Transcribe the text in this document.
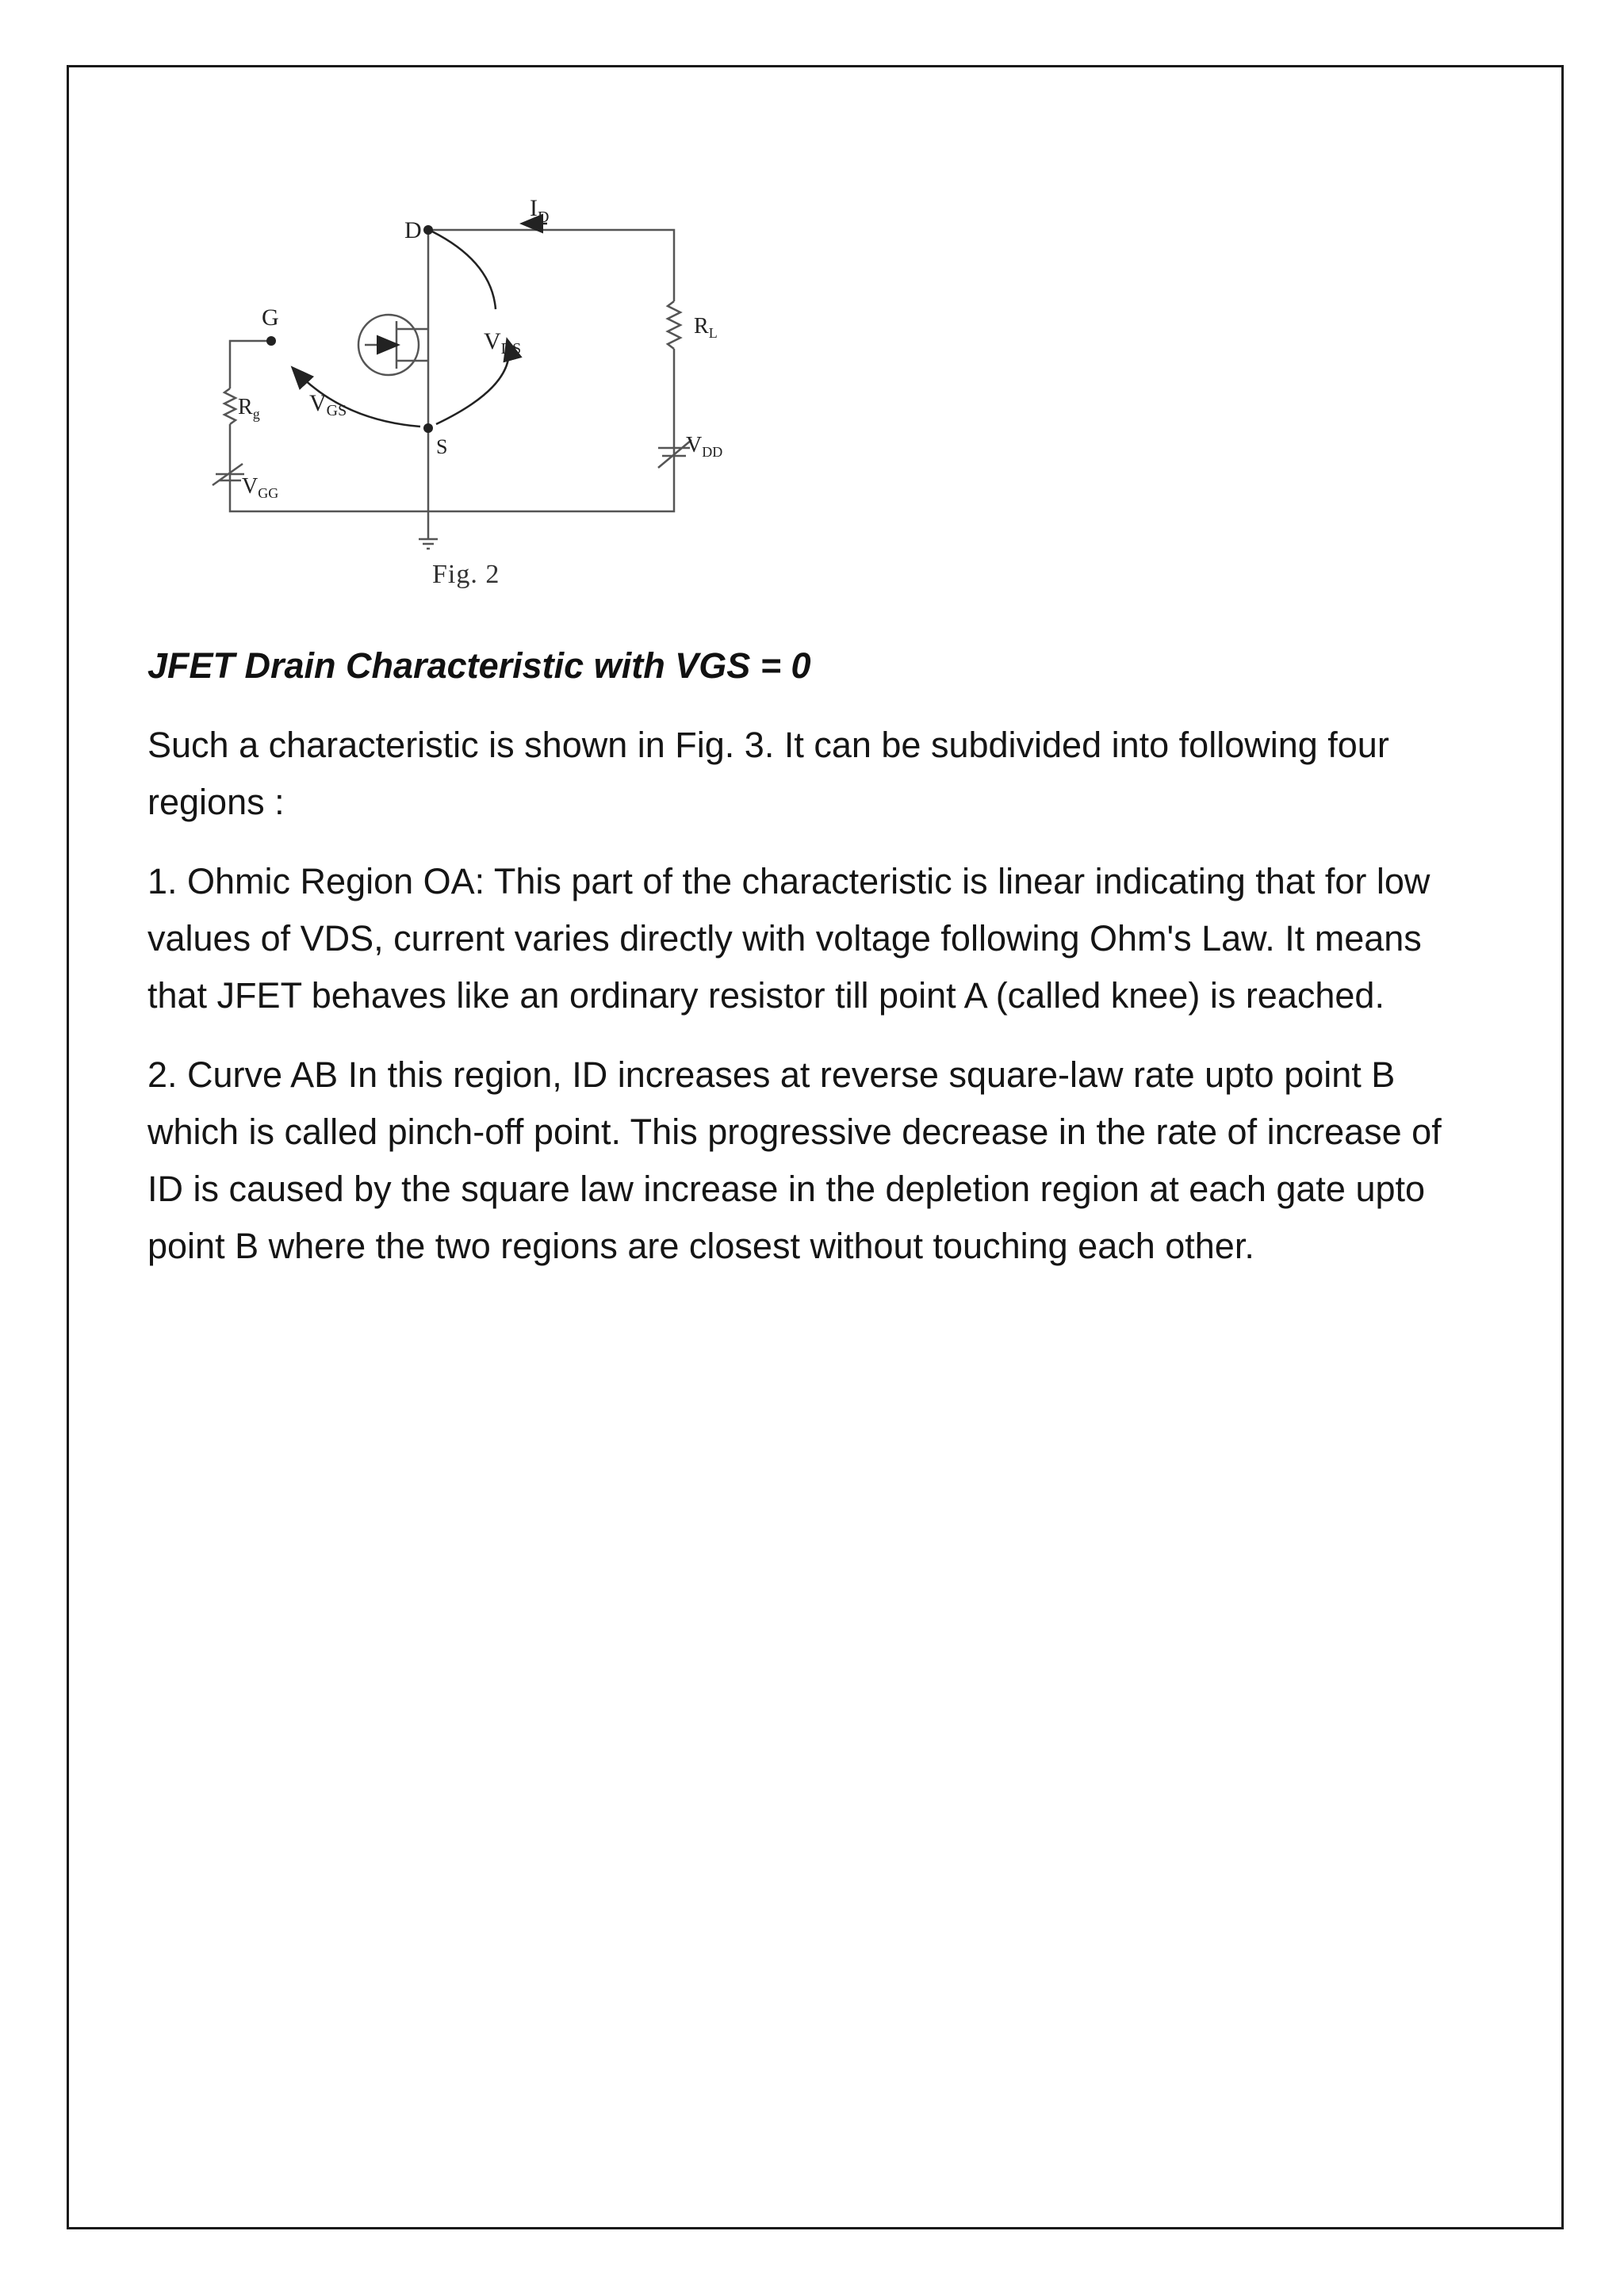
D
G
S
$I_D$
$V_{DS}$
$V_{GS}$
$R_g$
$R_L$
$V_{GG}$
$V_{DD}$
Fig. 2
JFET Drain Characteristic with VGS = 0

Such a characteristic is shown in Fig. 3. It can be subdivided into following four regions :

1. Ohmic Region OA: This part of the characteristic is linear indicating that for low values of VDS, current varies directly with voltage following Ohm's Law. It means that JFET behaves like an ordinary resistor till point A (called knee) is reached.

2. Curve AB In this region, ID increases at reverse square-law rate upto point B which is called pinch-off point. This progressive decrease in the rate of increase of ID is caused by the square law increase in the depletion region at each gate upto point B where the two regions are closest without touching each other.
